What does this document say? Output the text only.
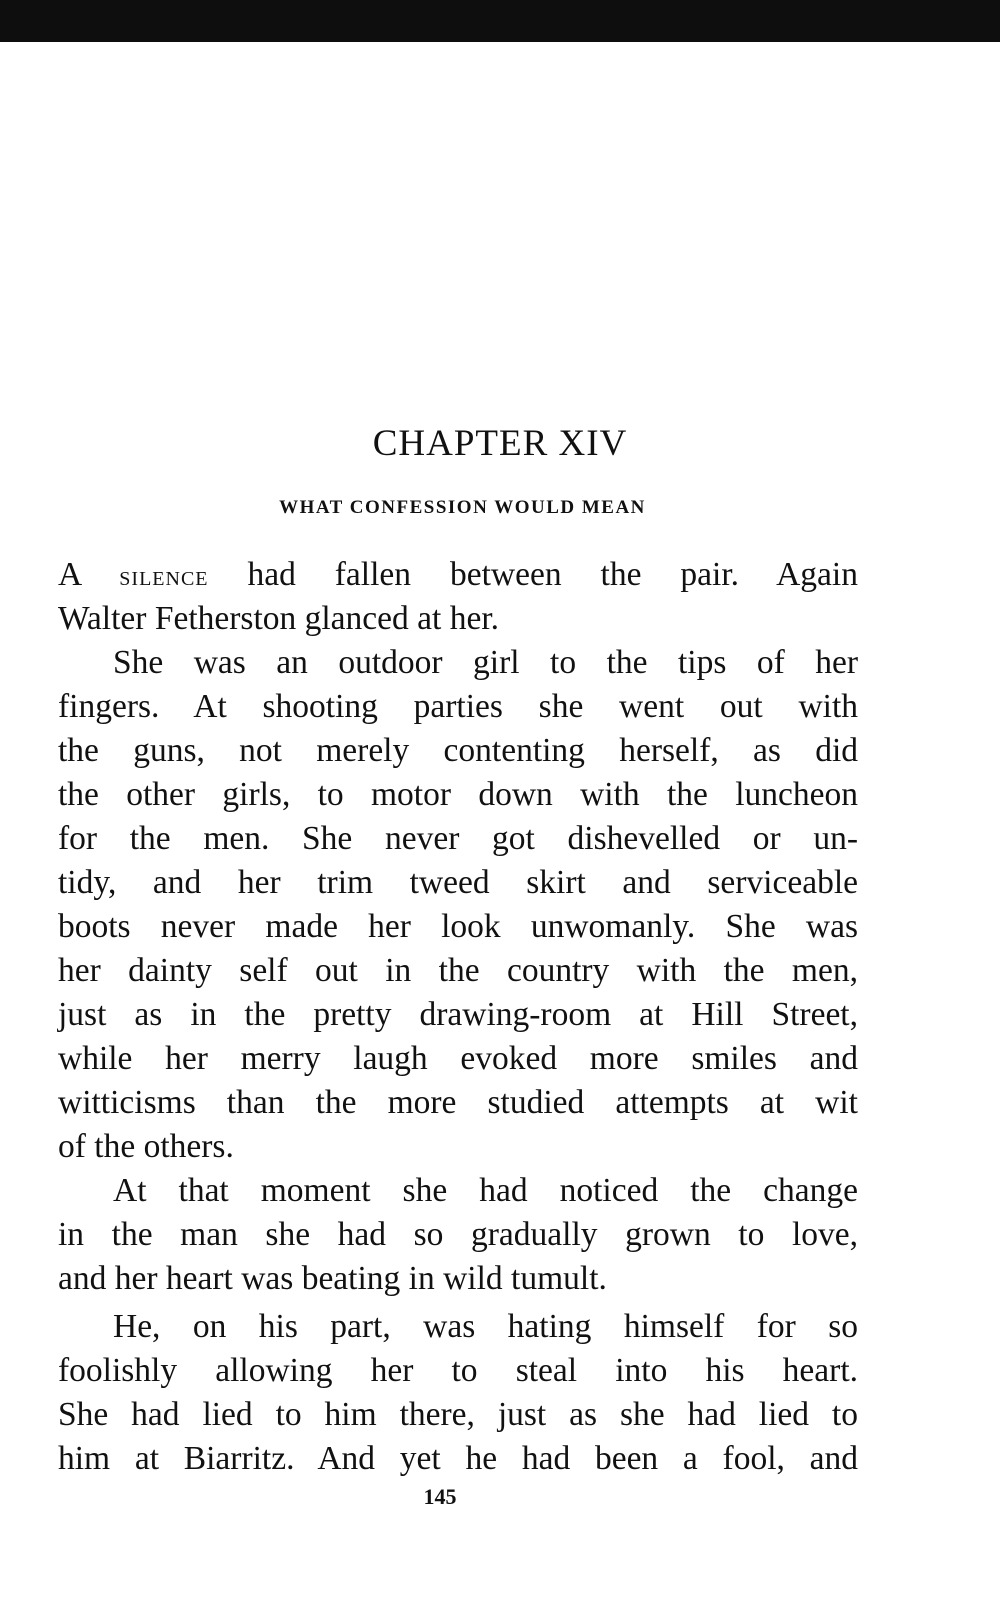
CHAPTER XIV
WHAT CONFESSION WOULD MEAN
A silence had fallen between the pair. Again
Walter Fetherston glanced at her.
She was an outdoor girl to the tips of her
fingers. At shooting parties she went out with
the guns, not merely contenting herself, as did
the other girls, to motor down with the luncheon
for the men. She never got dishevelled or un-
tidy, and her trim tweed skirt and serviceable
boots never made her look unwomanly. She was
her dainty self out in the country with the men,
just as in the pretty drawing-room at Hill Street,
while her merry laugh evoked more smiles and
witticisms than the more studied attempts at wit
of the others.
At that moment she had noticed the change
in the man she had so gradually grown to love,
and her heart was beating in wild tumult.
He, on his part, was hating himself for so
foolishly allowing her to steal into his heart.
She had lied to him there, just as she had lied to
him at Biarritz. And yet he had been a fool, and
145
